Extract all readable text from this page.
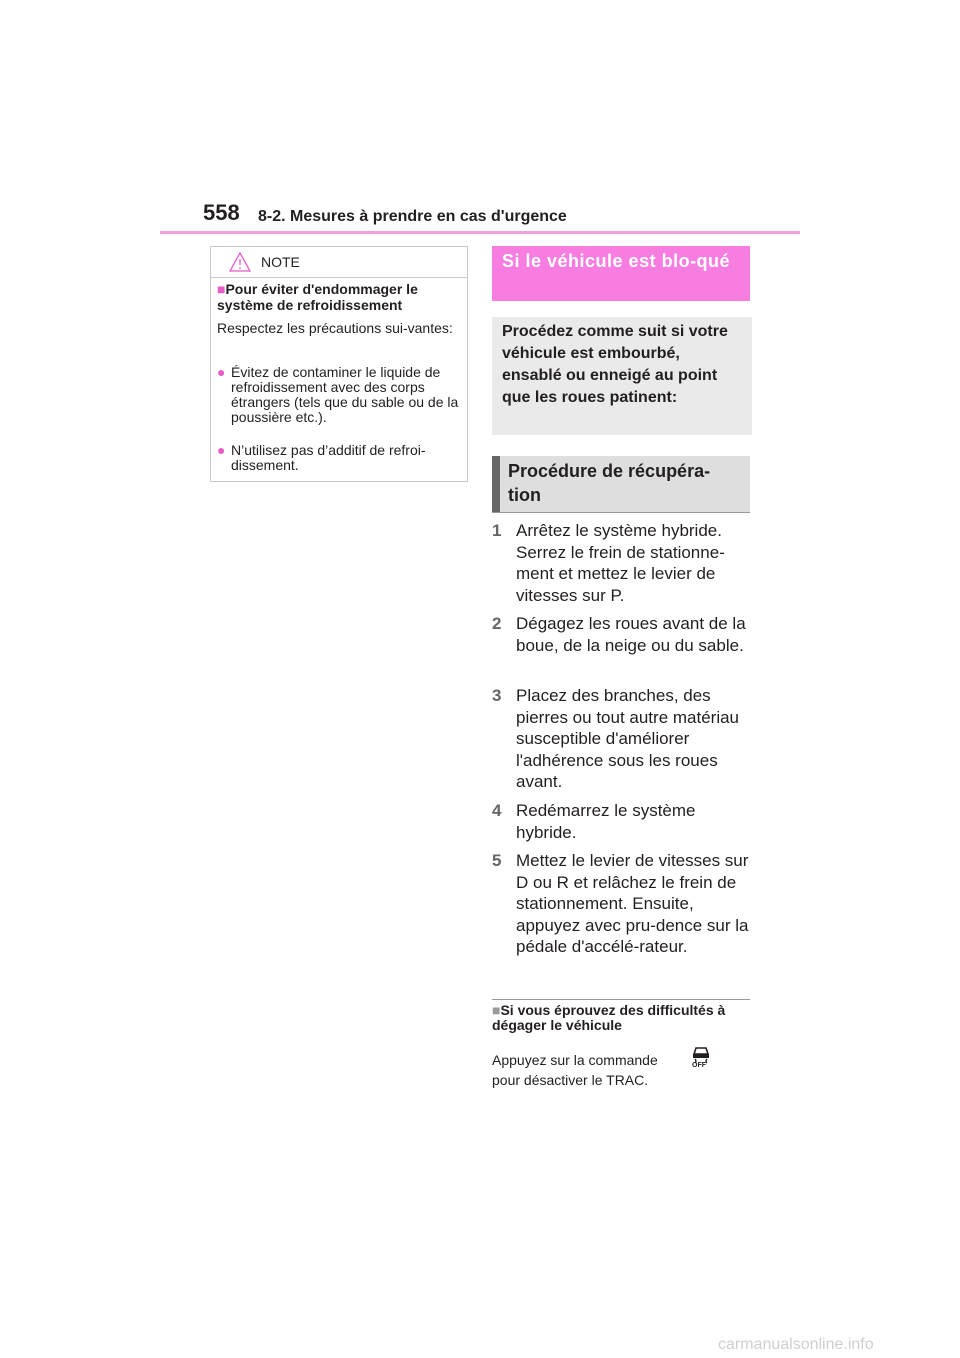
558 8-2. Mesures à prendre en cas d'urgence
NOTE
■Pour éviter d'endommager le système de refroidissement
Respectez les précautions sui-vantes:
● Évitez de contaminer le liquide de refroidissement avec des corps étrangers (tels que du sable ou de la poussière etc.).
● N’utilisez pas d’additif de refroi-dissement.
Si le véhicule est blo-qué
Procédez comme suit si votre véhicule est embourbé, ensablé ou enneigé au point que les roues patinent:
Procédure de récupéra-tion
1 Arrêtez le système hybride. Serrez le frein de stationne-ment et mettez le levier de vitesses sur P.
2 Dégagez les roues avant de la boue, de la neige ou du sable.
3 Placez des branches, des pierres ou tout autre matériau susceptible d'améliorer l'adhérence sous les roues avant.
4 Redémarrez le système hybride.
5 Mettez le levier de vitesses sur D ou R et relâchez le frein de stationnement. Ensuite, appuyez avec pru-dence sur la pédale d'accélé-rateur.
■Si vous éprouvez des difficultés à dégager le véhicule
Appuyez sur la commande pour désactiver le TRAC.
OFF
carmanualsonline.info
